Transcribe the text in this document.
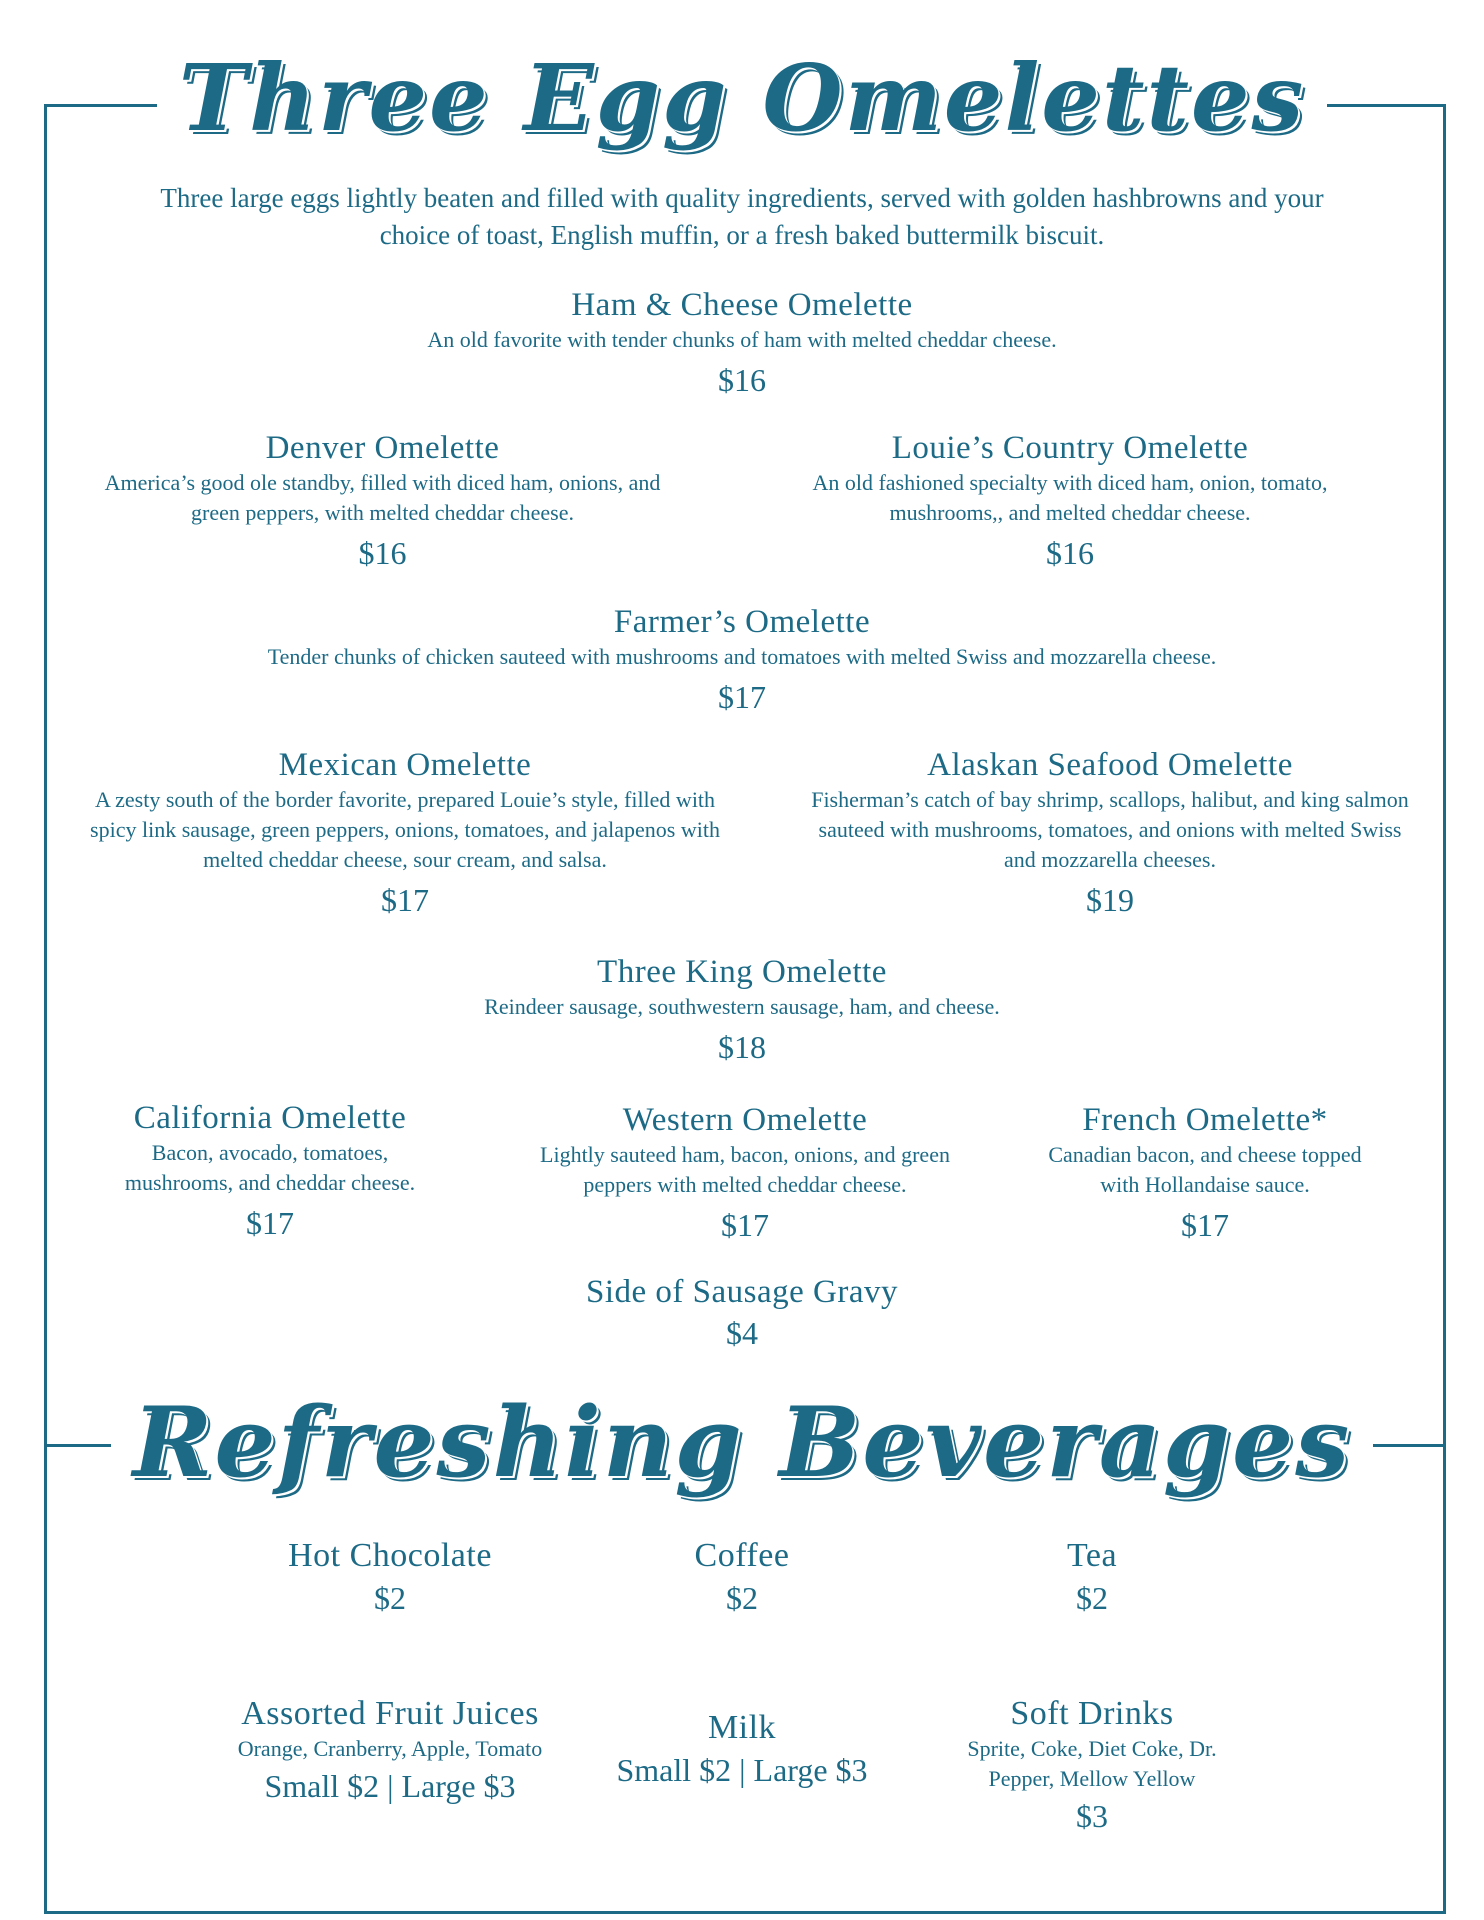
Three Egg Omelettes
Three large eggs lightly beaten and filled with quality ingredients, served with golden hashbrowns and your choice of toast, English muffin, or a fresh baked buttermilk biscuit.
Ham & Cheese Omelette
An old favorite with tender chunks of ham with melted cheddar cheese.
$16
Denver Omelette
America’s good ole standby, filled with diced ham, onions, and green peppers, with melted cheddar cheese.
$16
Louie’s Country Omelette
An old fashioned specialty with diced ham, onion, tomato, mushrooms,, and melted cheddar cheese.
$16
Farmer’s Omelette
Tender chunks of chicken sauteed with mushrooms and tomatoes with melted Swiss and mozzarella cheese.
$17
Mexican Omelette
A zesty south of the border favorite, prepared Louie’s style, filled with spicy link sausage, green peppers, onions, tomatoes, and jalapenos with melted cheddar cheese, sour cream, and salsa.
$17
Alaskan Seafood Omelette
Fisherman’s catch of bay shrimp, scallops, halibut, and king salmon sauteed with mushrooms, tomatoes, and onions with melted Swiss and mozzarella cheeses.
$19
Three King Omelette
Reindeer sausage, southwestern sausage, ham, and cheese.
$18
California Omelette
Bacon, avocado, tomatoes, mushrooms, and cheddar cheese.
$17
Western Omelette
Lightly sauteed ham, bacon, onions, and green peppers with melted cheddar cheese.
$17
French Omelette*
Canadian bacon, and cheese topped with Hollandaise sauce.
$17
Side of Sausage Gravy
$4
Refreshing Beverages
Hot Chocolate
$2
Coffee
$2
Tea
$2
Assorted Fruit Juices
Orange, Cranberry, Apple, Tomato
Small $2 | Large $3
Milk
Small $2 | Large $3
Soft Drinks
Sprite, Coke, Diet Coke, Dr. Pepper, Mellow Yellow
$3
